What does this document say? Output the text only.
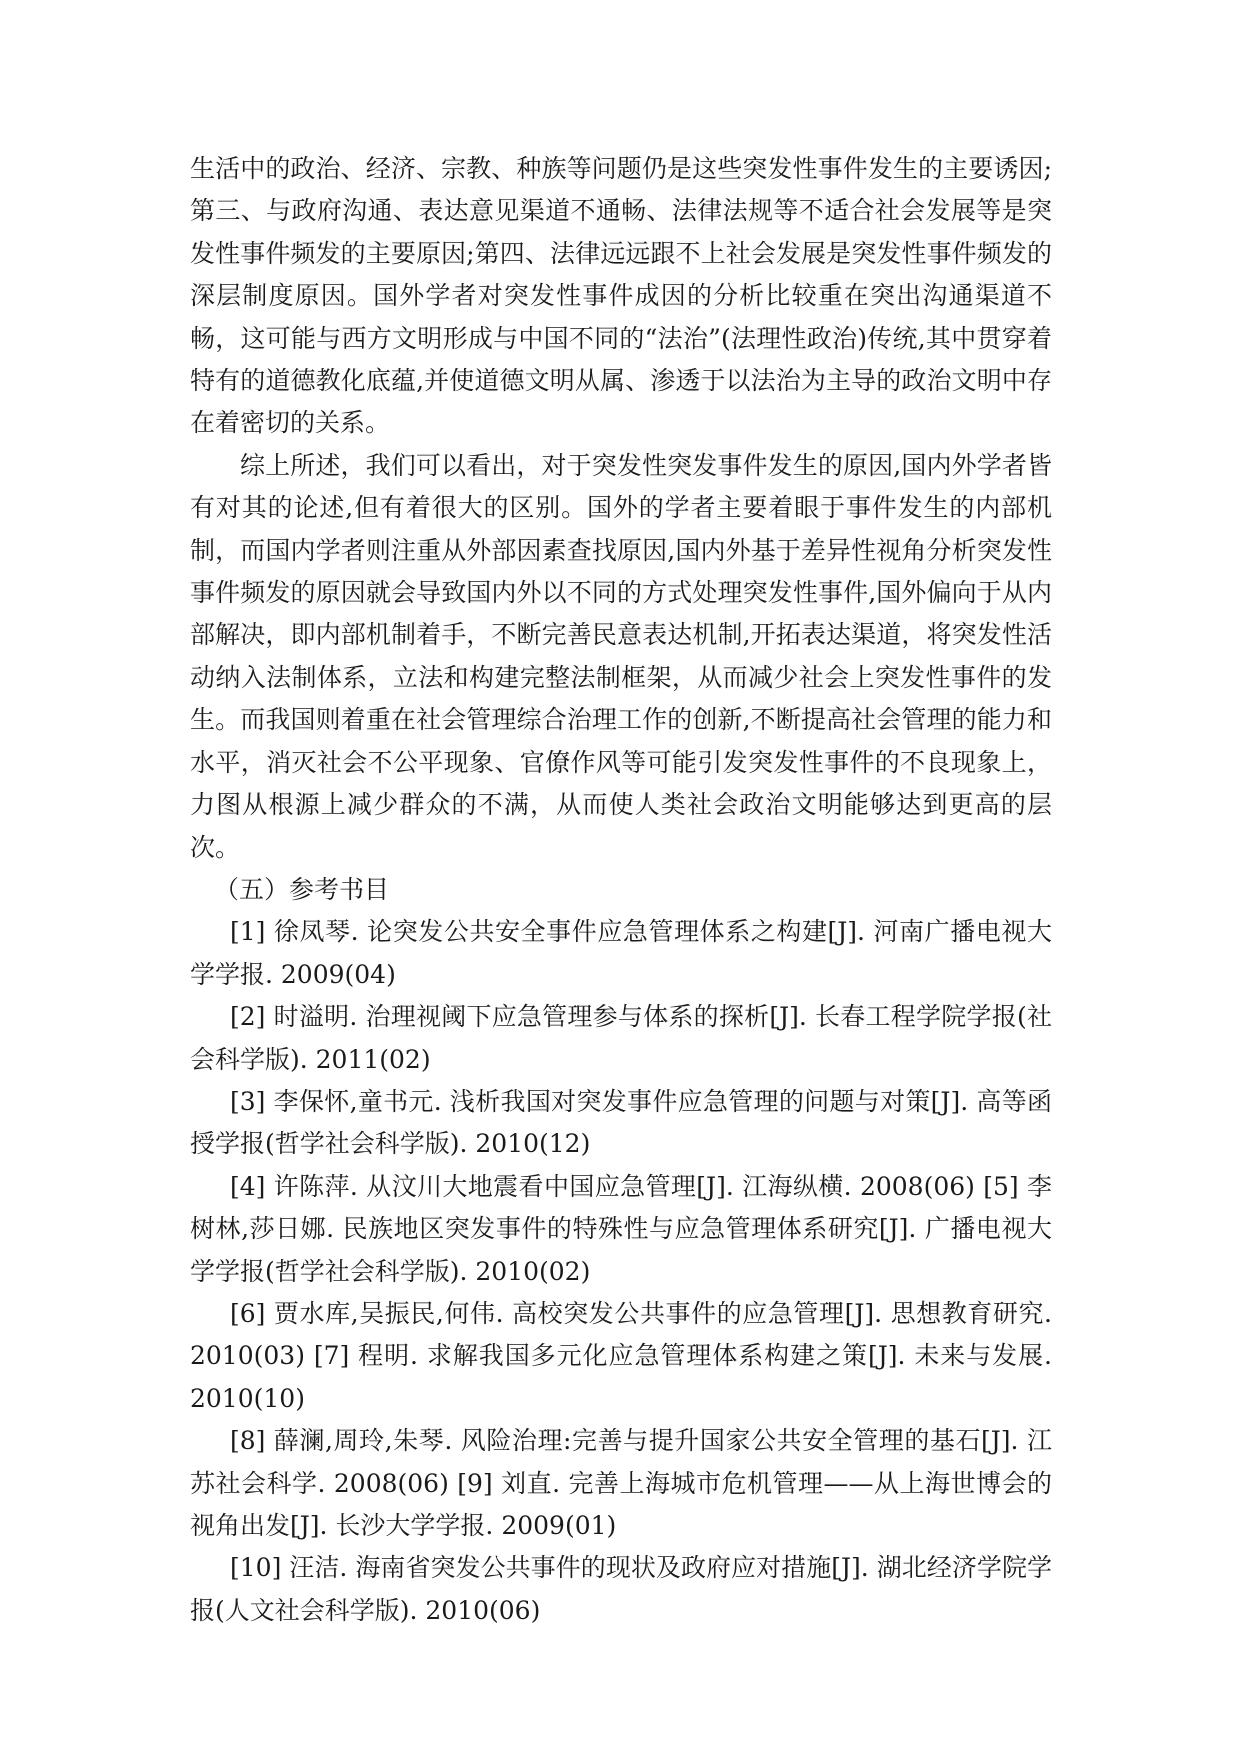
生活中的政治、经济、宗教、种族等问题仍是这些突发性事件发生的主要诱因;第三、与政府沟通、表达意见渠道不通畅、法律法规等不适合社会发展等是突发性事件频发的主要原因;第四、法律远远跟不上社会发展是突发性事件频发的深层制度原因。国外学者对突发性事件成因的分析比较重在突出沟通渠道不畅，这可能与西方文明形成与中国不同的“法治”(法理性政治)传统,其中贯穿着特有的道德教化底蕴,并使道德文明从属、渗透于以法治为主导的政治文明中存在着密切的关系。

综上所述，我们可以看出，对于突发性突发事件发生的原因,国内外学者皆有对其的论述,但有着很大的区别。国外的学者主要着眼于事件发生的内部机制，而国内学者则注重从外部因素查找原因,国内外基于差异性视角分析突发性事件频发的原因就会导致国内外以不同的方式处理突发性事件,国外偏向于从内部解决，即内部机制着手，不断完善民意表达机制,开拓表达渠道，将突发性活动纳入法制体系，立法和构建完整法制框架，从而减少社会上突发性事件的发生。而我国则着重在社会管理综合治理工作的创新,不断提高社会管理的能力和水平，消灭社会不公平现象、官僚作风等可能引发突发性事件的不良现象上，力图从根源上减少群众的不满，从而使人类社会政治文明能够达到更高的层次。

（五）参考书目

[1] 徐凤琴. 论突发公共安全事件应急管理体系之构建[J]. 河南广播电视大学学报. 2009(04)

[2] 时溢明. 治理视阈下应急管理参与体系的探析[J]. 长春工程学院学报(社会科学版). 2011(02)

[3] 李保怀,童书元. 浅析我国对突发事件应急管理的问题与对策[J]. 高等函授学报(哲学社会科学版). 2010(12)

[4] 许陈萍. 从汶川大地震看中国应急管理[J]. 江海纵横. 2008(06) [5] 李树林,莎日娜. 民族地区突发事件的特殊性与应急管理体系研究[J]. 广播电视大学学报(哲学社会科学版). 2010(02)

[6] 贾水库,吴振民,何伟. 高校突发公共事件的应急管理[J]. 思想教育研究. 2010(03) [7] 程明. 求解我国多元化应急管理体系构建之策[J]. 未来与发展. 2010(10)

[8] 薛澜,周玲,朱琴. 风险治理:完善与提升国家公共安全管理的基石[J]. 江苏社会科学. 2008(06) [9] 刘直. 完善上海城市危机管理——从上海世博会的视角出发[J]. 长沙大学学报. 2009(01)

[10] 汪洁. 海南省突发公共事件的现状及政府应对措施[J]. 湖北经济学院学报(人文社会科学版). 2010(06)
